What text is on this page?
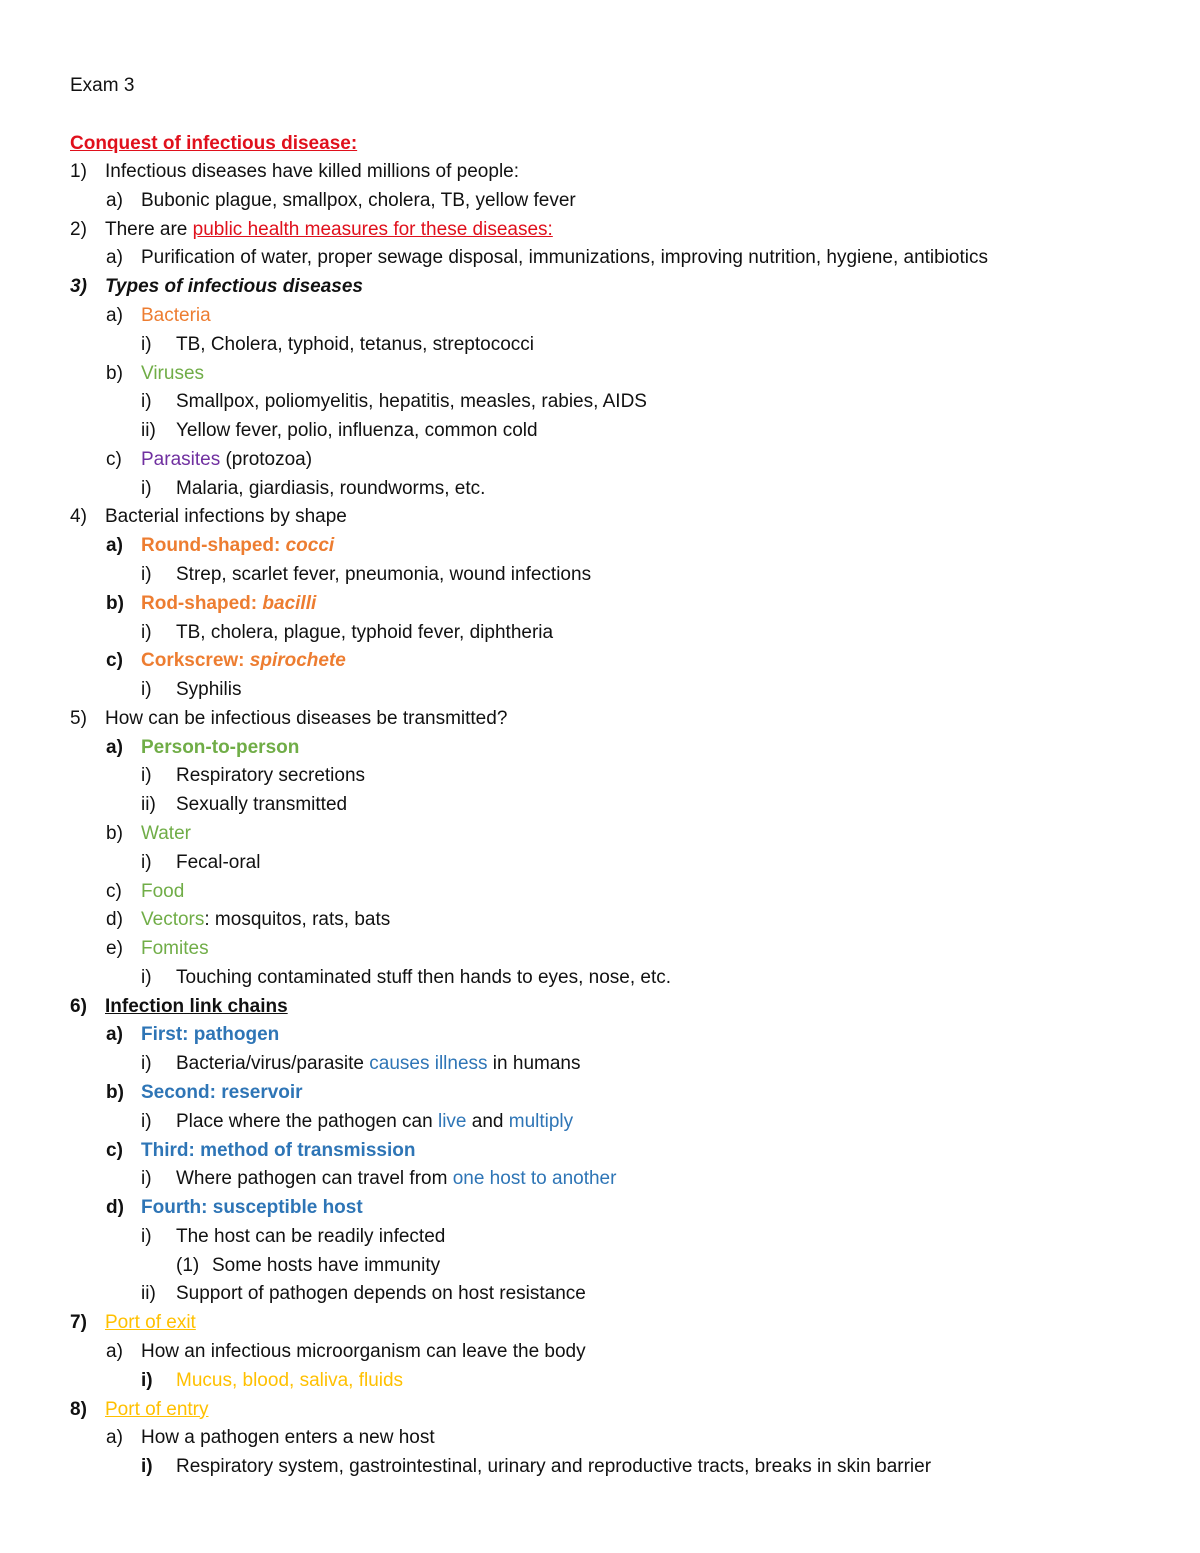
Exam 3
Conquest of infectious disease:
1) Infectious diseases have killed millions of people:
a) Bubonic plague, smallpox, cholera, TB, yellow fever
2) There are public health measures for these diseases:
a) Purification of water, proper sewage disposal, immunizations, improving nutrition, hygiene, antibiotics
3) Types of infectious diseases
a) Bacteria
i) TB, Cholera, typhoid, tetanus, streptococci
b) Viruses
i) Smallpox, poliomyelitis, hepatitis, measles, rabies, AIDS
ii) Yellow fever, polio, influenza, common cold
c) Parasites (protozoa)
i) Malaria, giardiasis, roundworms, etc.
4) Bacterial infections by shape
a) Round-shaped: cocci
i) Strep, scarlet fever, pneumonia, wound infections
b) Rod-shaped: bacilli
i) TB, cholera, plague, typhoid fever, diphtheria
c) Corkscrew: spirochete
i) Syphilis
5) How can be infectious diseases be transmitted?
a) Person-to-person
i) Respiratory secretions
ii) Sexually transmitted
b) Water
i) Fecal-oral
c) Food
d) Vectors: mosquitos, rats, bats
e) Fomites
i) Touching contaminated stuff then hands to eyes, nose, etc.
6) Infection link chains
a) First: pathogen
i) Bacteria/virus/parasite causes illness in humans
b) Second: reservoir
i) Place where the pathogen can live and multiply
c) Third: method of transmission
i) Where pathogen can travel from one host to another
d) Fourth: susceptible host
i) The host can be readily infected
(1) Some hosts have immunity
ii) Support of pathogen depends on host resistance
7) Port of exit
a) How an infectious microorganism can leave the body
i) Mucus, blood, saliva, fluids
8) Port of entry
a) How a pathogen enters a new host
i) Respiratory system, gastrointestinal, urinary and reproductive tracts, breaks in skin barrier
